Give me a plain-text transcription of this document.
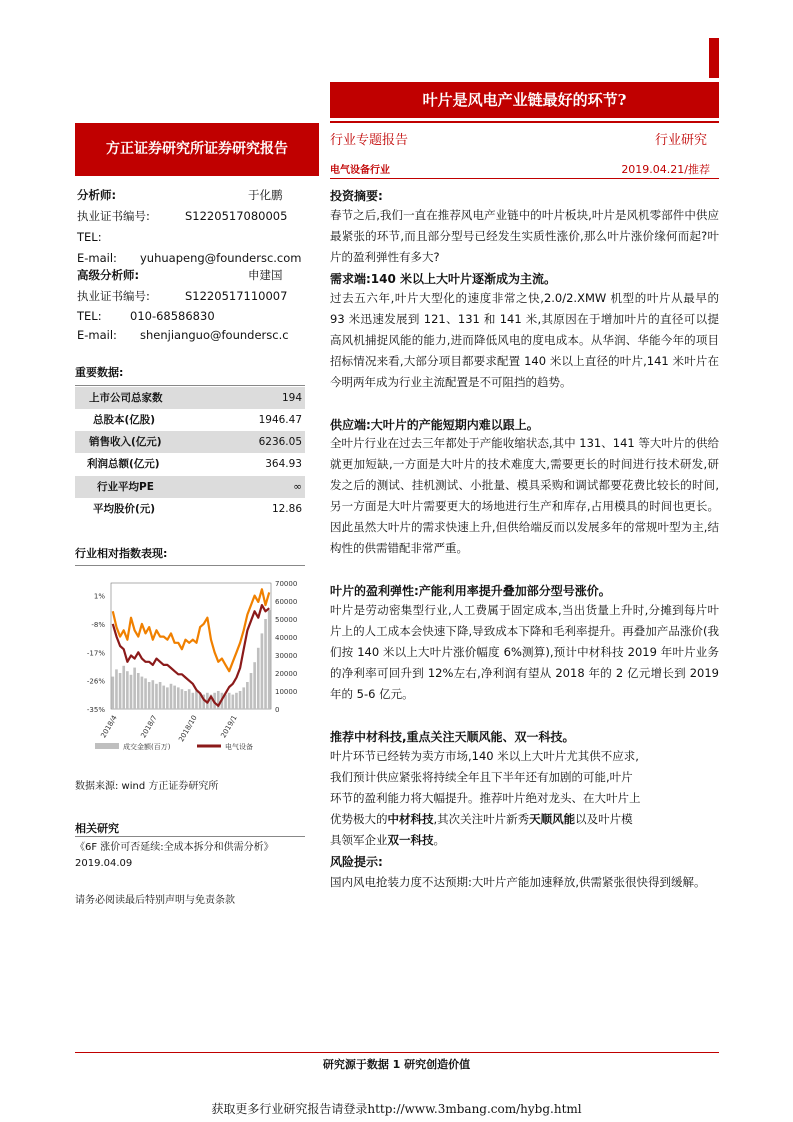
叶片是风电产业链最好的环节?
方正证券研究所证券研究报告
行业专题报告	行业研究
电气设备行业	2019.04.21/推荐
分析师:	于化鹏
执业证书编号:	S1220517080005
TEL:
E-mail: yuhuapeng@foundersc.com
高级分析师:	申建国
执业证书编号:	S1220517110007
TEL: 010-68586830
E-mail: shenjianguo@foundersc.c
重要数据:
上市公司总家数	194
总股本(亿股)	1946.47
销售收入(亿元)	6236.05
利润总额(亿元)	364.93
行业平均PE	∞
平均股价(元)	12.86
行业相对指数表现:
1%
-8%
-17%
-26%
-35%
70000
60000
50000
40000
30000
20000
10000
0
2018/4	2018/7	2018/10	2019/1
成交金额(百万)	电气设备
数据来源: wind 方正证券研究所
相关研究
《6F 涨价可否延续:全成本拆分和供需分析》2019.04.09
请务必阅读最后特别声明与免责条款
投资摘要:
春节之后,我们一直在推荐风电产业链中的叶片板块,叶片是风机零部件中供应最紧张的环节,而且部分型号已经发生实质性涨价,那么叶片涨价缘何而起?叶片的盈利弹性有多大?
需求端:140 米以上大叶片逐渐成为主流。
过去五六年,叶片大型化的速度非常之快,2.0/2.XMW 机型的叶片从最早的 93 米迅速发展到 121、131 和 141 米,其原因在于增加叶片的直径可以提高风机捕捉风能的能力,进而降低风电的度电成本。从华润、华能今年的项目招标情况来看,大部分项目都要求配置 140 米以上直径的叶片,141 米叶片在今明两年成为行业主流配置是不可阻挡的趋势。
供应端:大叶片的产能短期内难以跟上。
全叶片行业在过去三年都处于产能收缩状态,其中 131、141 等大叶片的供给就更加短缺,一方面是大叶片的技术难度大,需要更长的时间进行技术研发,研发之后的测试、挂机测试、小批量、模具采购和调试都要花费比较长的时间,另一方面是大叶片需要更大的场地进行生产和库存,占用模具的时间也更长。因此虽然大叶片的需求快速上升,但供给端反而以发展多年的常规叶型为主,结构性的供需错配非常严重。
叶片的盈利弹性:产能利用率提升叠加部分型号涨价。
叶片是劳动密集型行业,人工费属于固定成本,当出货量上升时,分摊到每片叶片上的人工成本会快速下降,导致成本下降和毛利率提升。再叠加产品涨价(我们按 140 米以上大叶片涨价幅度 6%测算),预计中材科技 2019 年叶片业务的净利率可回升到 12%左右,净利润有望从 2018 年的 2 亿元增长到 2019 年的 5-6 亿元。
推荐中材科技,重点关注天顺风能、双一科技。
叶片环节已经转为卖方市场,140 米以上大叶片尤其供不应求,
我们预计供应紧张将持续全年且下半年还有加剧的可能,叶片
环节的盈利能力将大幅提升。推荐叶片绝对龙头、在大叶片上
优势极大的中材科技,其次关注叶片新秀天顺风能以及叶片模
具领军企业双一科技。
风险提示:
国内风电抢装力度不达预期:大叶片产能加速释放,供需紧张很快得到缓解。
研究源于数据 1 研究创造价值
获取更多行业研究报告请登录http://www.3mbang.com/hybg.html
